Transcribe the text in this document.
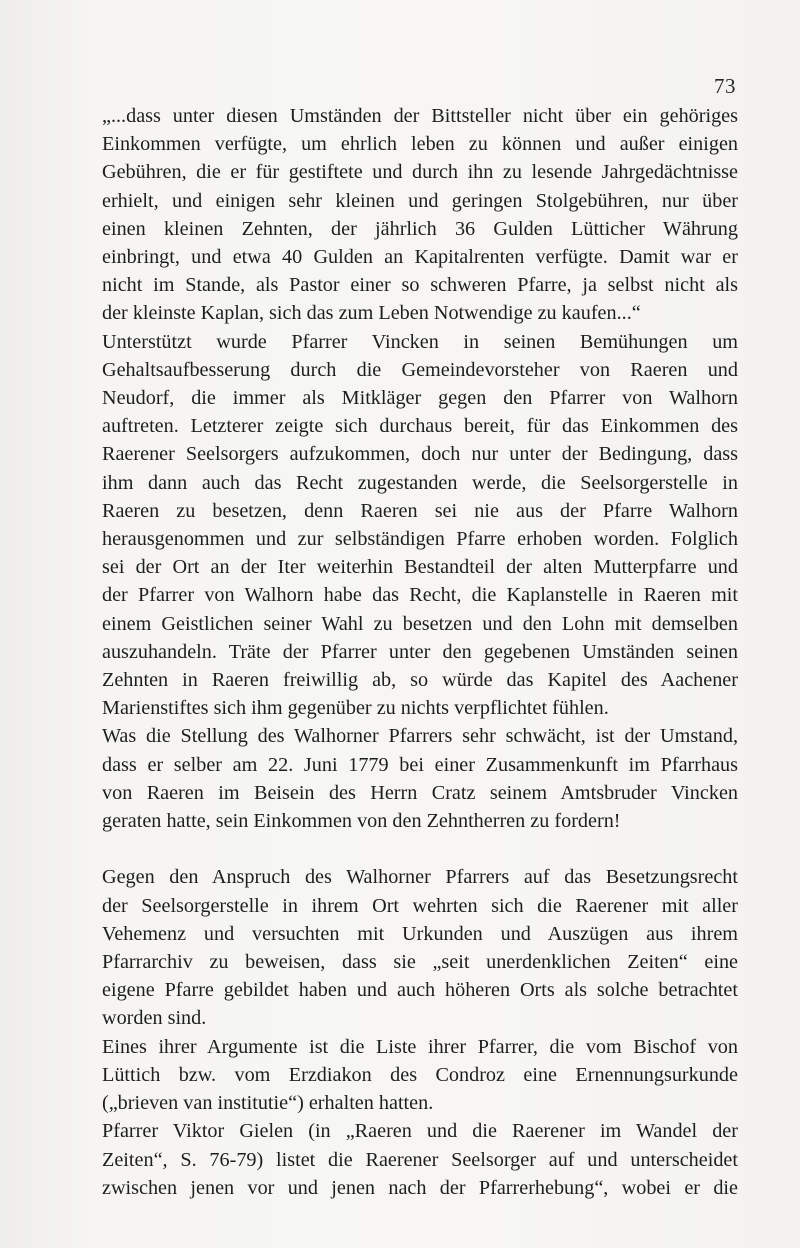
73

„...dass unter diesen Umständen der Bittsteller nicht über ein gehöriges

Einkommen verfügte, um ehrlich leben zu können und außer einigen

Gebühren, die er für gestiftete und durch ihn zu lesende Jahrgedächtnisse

erhielt, und einigen sehr kleinen und geringen Stolgebühren, nur über

einen kleinen Zehnten, der jährlich 36 Gulden Lütticher Währung

einbringt, und etwa 40 Gulden an Kapitalrenten verfügte. Damit war er

nicht im Stande, als Pastor einer so schweren Pfarre, ja selbst nicht als

der kleinste Kaplan, sich das zum Leben Notwendige zu kaufen...“

Unterstützt wurde Pfarrer Vincken in seinen Bemühungen um

Gehaltsaufbesserung durch die Gemeindevorsteher von Raeren und

Neudorf, die immer als Mitkläger gegen den Pfarrer von Walhorn

auftreten. Letzterer zeigte sich durchaus bereit, für das Einkommen des

Raerener Seelsorgers aufzukommen, doch nur unter der Bedingung, dass

ihm dann auch das Recht zugestanden werde, die Seelsorgerstelle in

Raeren zu besetzen, denn Raeren sei nie aus der Pfarre Walhorn

herausgenommen und zur selbständigen Pfarre erhoben worden. Folglich

sei der Ort an der Iter weiterhin Bestandteil der alten Mutterpfarre und

der Pfarrer von Walhorn habe das Recht, die Kaplanstelle in Raeren mit

einem Geistlichen seiner Wahl zu besetzen und den Lohn mit demselben

auszuhandeln. Träte der Pfarrer unter den gegebenen Umständen seinen

Zehnten in Raeren freiwillig ab, so würde das Kapitel des Aachener

Marienstiftes sich ihm gegenüber zu nichts verpflichtet fühlen.

Was die Stellung des Walhorner Pfarrers sehr schwächt, ist der Umstand,

dass er selber am 22. Juni 1779 bei einer Zusammenkunft im Pfarrhaus

von Raeren im Beisein des Herrn Cratz seinem Amtsbruder Vincken

geraten hatte, sein Einkommen von den Zehntherren zu fordern!

Gegen den Anspruch des Walhorner Pfarrers auf das Besetzungsrecht

der Seelsorgerstelle in ihrem Ort wehrten sich die Raerener mit aller

Vehemenz und versuchten mit Urkunden und Auszügen aus ihrem

Pfarrarchiv zu beweisen, dass sie „seit unerdenklichen Zeiten“ eine

eigene Pfarre gebildet haben und auch höheren Orts als solche betrachtet

worden sind.

Eines ihrer Argumente ist die Liste ihrer Pfarrer, die vom Bischof von

Lüttich bzw. vom Erzdiakon des Condroz eine Ernennungsurkunde

(„brieven van institutie“) erhalten hatten.

Pfarrer Viktor Gielen (in „Raeren und die Raerener im Wandel der

Zeiten“, S. 76-79) listet die Raerener Seelsorger auf und unterscheidet

zwischen jenen vor und jenen nach der Pfarrerhebung“, wobei er die
